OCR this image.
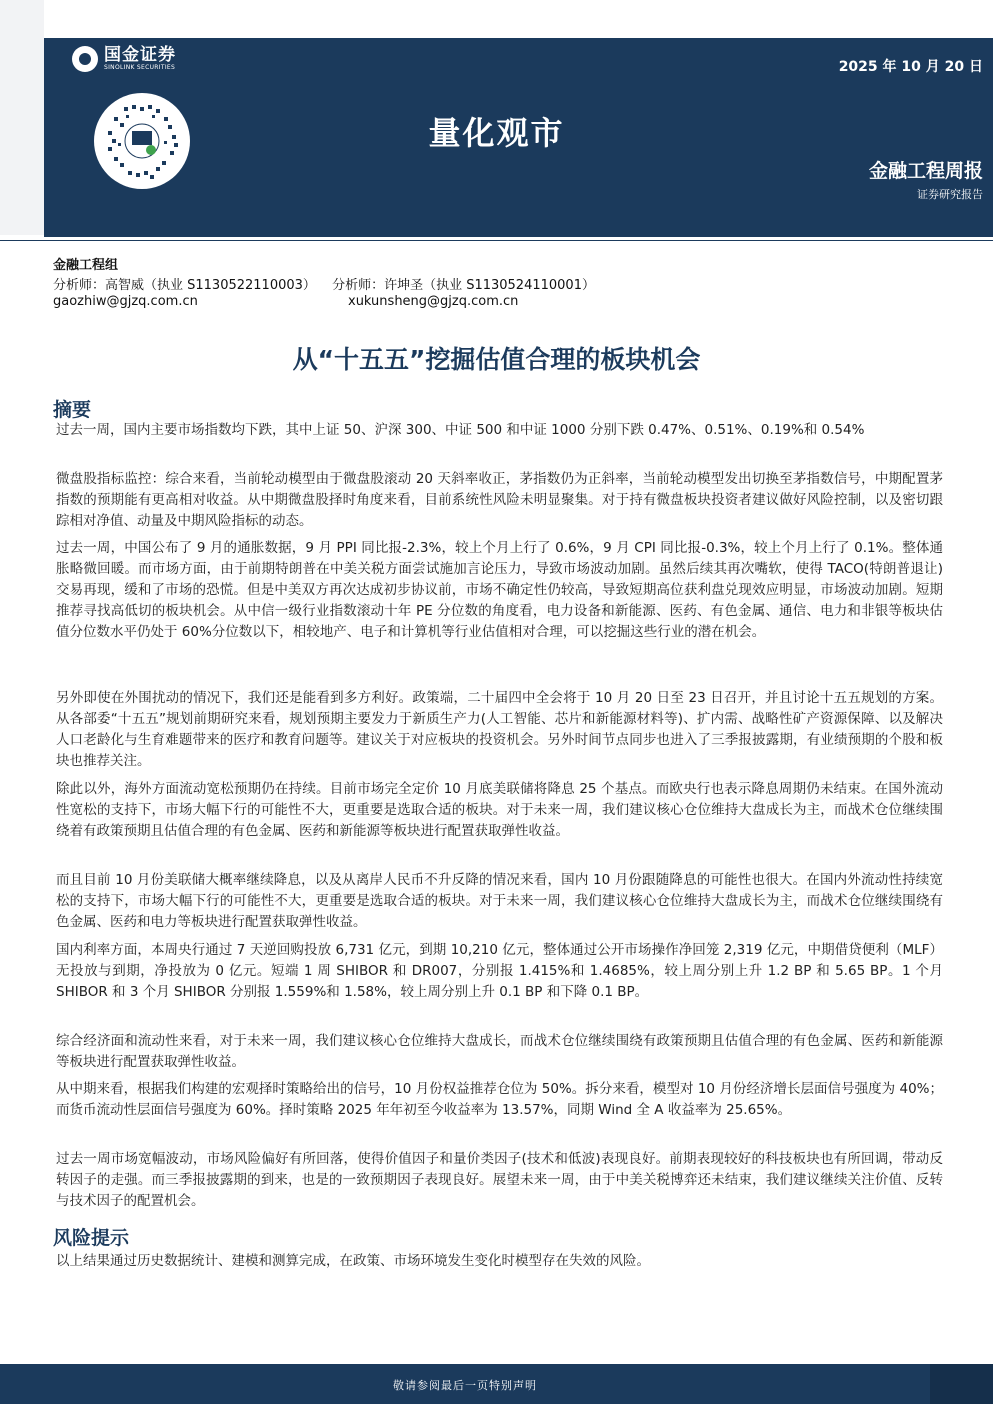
国金证券
SINOLINK SECURITIES	2025 年 10 月 20 日
量化观市
金融工程周报
证券研究报告
金融工程组
分析师：高智威（执业 S1130522110003） 分析师：许坤圣（执业 S1130524110001）
gaozhiw@gjzq.com.cn	xukunsheng@gjzq.com.cn
从“十五五”挖掘估值合理的板块机会
摘要

过去一周，国内主要市场指数均下跌，其中上证 50、沪深 300、中证 500 和中证 1000 分别下跌 0.47%、0.51%、0.19%和 0.54%

微盘股指标监控：综合来看，当前轮动模型由于微盘股滚动 20 天斜率收正，茅指数仍为正斜率，当前轮动模型发出切换至茅指数信号，中期配置茅指数的预期能有更高相对收益。从中期微盘股择时角度来看，目前系统性风险未明显聚集。对于持有微盘板块投资者建议做好风险控制，以及密切跟踪相对净值、动量及中期风险指标的动态。

过去一周，中国公布了 9 月的通胀数据，9 月 PPI 同比报-2.3%，较上个月上行了 0.6%，9 月 CPI 同比报-0.3%，较上个月上行了 0.1%。整体通胀略微回暖。而市场方面，由于前期特朗普在中美关税方面尝试施加言论压力，导致市场波动加剧。虽然后续其再次嘴软，使得 TACO(特朗普退让)交易再现，缓和了市场的恐慌。但是中美双方再次达成初步协议前，市场不确定性仍较高，导致短期高位获利盘兑现效应明显，市场波动加剧。短期推荐寻找高低切的板块机会。从中信一级行业指数滚动十年 PE 分位数的角度看，电力设备和新能源、医药、有色金属、通信、电力和非银等板块估值分位数水平仍处于 60%分位数以下，相较地产、电子和计算机等行业估值相对合理，可以挖掘这些行业的潜在机会。

另外即使在外围扰动的情况下，我们还是能看到多方利好。政策端，二十届四中全会将于 10 月 20 日至 23 日召开，并且讨论十五五规划的方案。从各部委“十五五”规划前期研究来看，规划预期主要发力于新质生产力(人工智能、芯片和新能源材料等)、扩内需、战略性矿产资源保障、以及解决人口老龄化与生育难题带来的医疗和教育问题等。建议关于对应板块的投资机会。另外时间节点同步也进入了三季报披露期，有业绩预期的个股和板块也推荐关注。

除此以外，海外方面流动宽松预期仍在持续。目前市场完全定价 10 月底美联储将降息 25 个基点。而欧央行也表示降息周期仍未结束。在国外流动性宽松的支持下，市场大幅下行的可能性不大，更重要是选取合适的板块。对于未来一周，我们建议核心仓位维持大盘成长为主，而战术仓位继续围绕着有政策预期且估值合理的有色金属、医药和新能源等板块进行配置获取弹性收益。

而且目前 10 月份美联储大概率继续降息，以及从离岸人民币不升反降的情况来看，国内 10 月份跟随降息的可能性也很大。在国内外流动性持续宽松的支持下，市场大幅下行的可能性不大，更重要是选取合适的板块。对于未来一周，我们建议核心仓位维持大盘成长为主，而战术仓位继续围绕有色金属、医药和电力等板块进行配置获取弹性收益。

国内利率方面，本周央行通过 7 天逆回购投放 6,731 亿元，到期 10,210 亿元，整体通过公开市场操作净回笼 2,319 亿元，中期借贷便利（MLF）无投放与到期，净投放为 0 亿元。短端 1 周 SHIBOR 和 DR007，分别报 1.415%和 1.4685%，较上周分别上升 1.2 BP 和 5.65 BP。1 个月 SHIBOR 和 3 个月 SHIBOR 分别报 1.559%和 1.58%，较上周分别上升 0.1 BP 和下降 0.1 BP。

综合经济面和流动性来看，对于未来一周，我们建议核心仓位维持大盘成长，而战术仓位继续围绕有政策预期且估值合理的有色金属、医药和新能源等板块进行配置获取弹性收益。

从中期来看，根据我们构建的宏观择时策略给出的信号，10 月份权益推荐仓位为 50%。拆分来看，模型对 10 月份经济增长层面信号强度为 40%；而货币流动性层面信号强度为 60%。择时策略 2025 年年初至今收益率为 13.57%，同期 Wind 全 A 收益率为 25.65%。

过去一周市场宽幅波动，市场风险偏好有所回落，使得价值因子和量价类因子(技术和低波)表现良好。前期表现较好的科技板块也有所回调，带动反转因子的走强。而三季报披露期的到来，也是的一致预期因子表现良好。展望未来一周，由于中美关税博弈还未结束，我们建议继续关注价值、反转与技术因子的配置机会。

风险提示

以上结果通过历史数据统计、建模和测算完成，在政策、市场环境发生变化时模型存在失效的风险。

敬请参阅最后一页特别声明
